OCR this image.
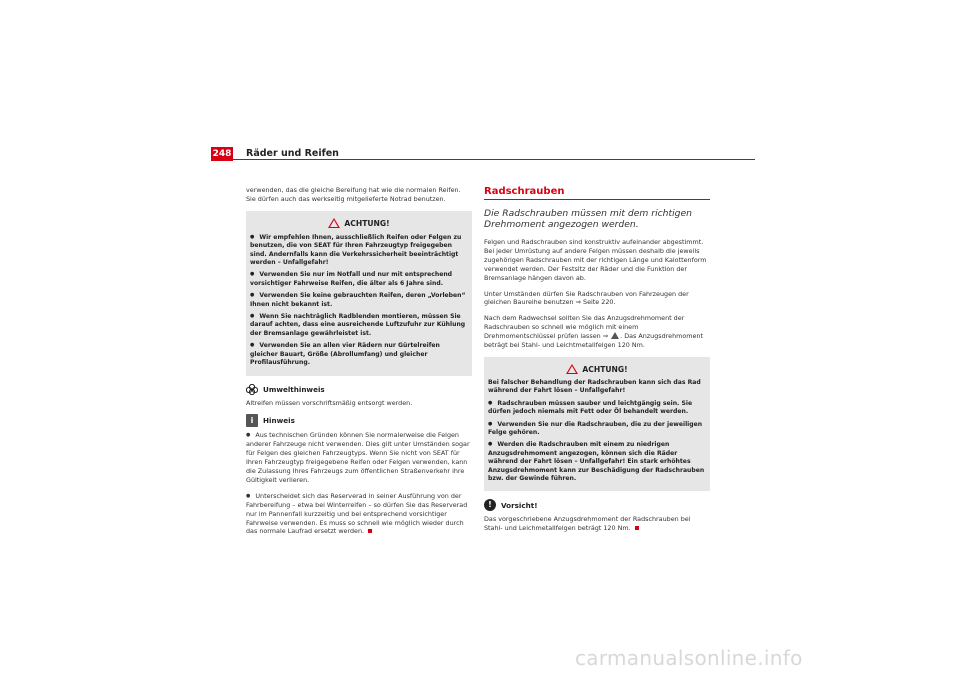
248 Räder und Reifen

verwenden, das die gleiche Bereifung hat wie die normalen Reifen. Sie dürfen auch das werkseitig mitgelieferte Notrad benutzen.

ACHTUNG!

● Wir empfehlen Ihnen, ausschließlich Reifen oder Felgen zu benutzen, die von SEAT für Ihren Fahrzeugtyp freigegeben sind. Andernfalls kann die Verkehrssicherheit beeinträchtigt werden – Unfallgefahr!

● Verwenden Sie nur im Notfall und nur mit entsprechend vorsichtiger Fahrweise Reifen, die älter als 6 Jahre sind.

● Verwenden Sie keine gebrauchten Reifen, deren „Vorleben“ Ihnen nicht bekannt ist.

● Wenn Sie nachträglich Radblenden montieren, müssen Sie darauf achten, dass eine ausreichende Luftzufuhr zur Kühlung der Bremsanlage gewährleistet ist.

● Verwenden Sie an allen vier Rädern nur Gürtelreifen gleicher Bauart, Größe (Abrollumfang) und gleicher Profilausführung.

Umwelthinweis

Altreifen müssen vorschriftsmäßig entsorgt werden.

i	Hinweis

● Aus technischen Gründen können Sie normalerweise die Felgen anderer Fahrzeuge nicht verwenden. Dies gilt unter Umständen sogar für Felgen des gleichen Fahrzeugtyps. Wenn Sie nicht von SEAT für Ihren Fahrzeugtyp freigegebene Reifen oder Felgen verwenden, kann die Zulassung Ihres Fahrzeugs zum öffentlichen Straßenverkehr ihre Gültigkeit verlieren.

● Unterscheidet sich das Reserverad in seiner Ausführung von der Fahrbereifung – etwa bei Winterreifen – so dürfen Sie das Reserverad nur im Pannenfall kurzzeitig und bei entsprechend vorsichtiger Fahrweise verwenden. Es muss so schnell wie möglich wieder durch das normale Laufrad ersetzt werden.

Radschrauben
Die Radschrauben müssen mit dem richtigen Drehmoment angezogen werden.

Felgen und Radschrauben sind konstruktiv aufeinander abgestimmt. Bei jeder Umrüstung auf andere Felgen müssen deshalb die jeweils zugehörigen Radschrauben mit der richtigen Länge und Kalottenform verwendet werden. Der Festsitz der Räder und die Funktion der Bremsanlage hängen davon ab.

Unter Umständen dürfen Sie Radschrauben von Fahrzeugen der gleichen Baureihe benutzen ⇒ Seite 220.

Nach dem Radwechsel sollten Sie das Anzugsdrehmoment der Radschrauben so schnell wie möglich mit einem Drehmomentschlüssel prüfen lassen ⇒ . Das Anzugsdrehmoment beträgt bei Stahl- und Leichtmetallfelgen 120 Nm.

ACHTUNG!

Bei falscher Behandlung der Radschrauben kann sich das Rad während der Fahrt lösen – Unfallgefahr!

● Radschrauben müssen sauber und leichtgängig sein. Sie dürfen jedoch niemals mit Fett oder Öl behandelt werden.

● Verwenden Sie nur die Radschrauben, die zu der jeweiligen Felge gehören.

● Werden die Radschrauben mit einem zu niedrigen Anzugsdrehmoment angezogen, können sich die Räder während der Fahrt lösen – Unfallgefahr! Ein stark erhöhtes Anzugsdrehmoment kann zur Beschädigung der Radschrauben bzw. der Gewinde führen.

!	Vorsicht!

Das vorgeschriebene Anzugsdrehmoment der Radschrauben bei Stahl- und Leichmetallfelgen beträgt 120 Nm.

carmanualsonline.info
